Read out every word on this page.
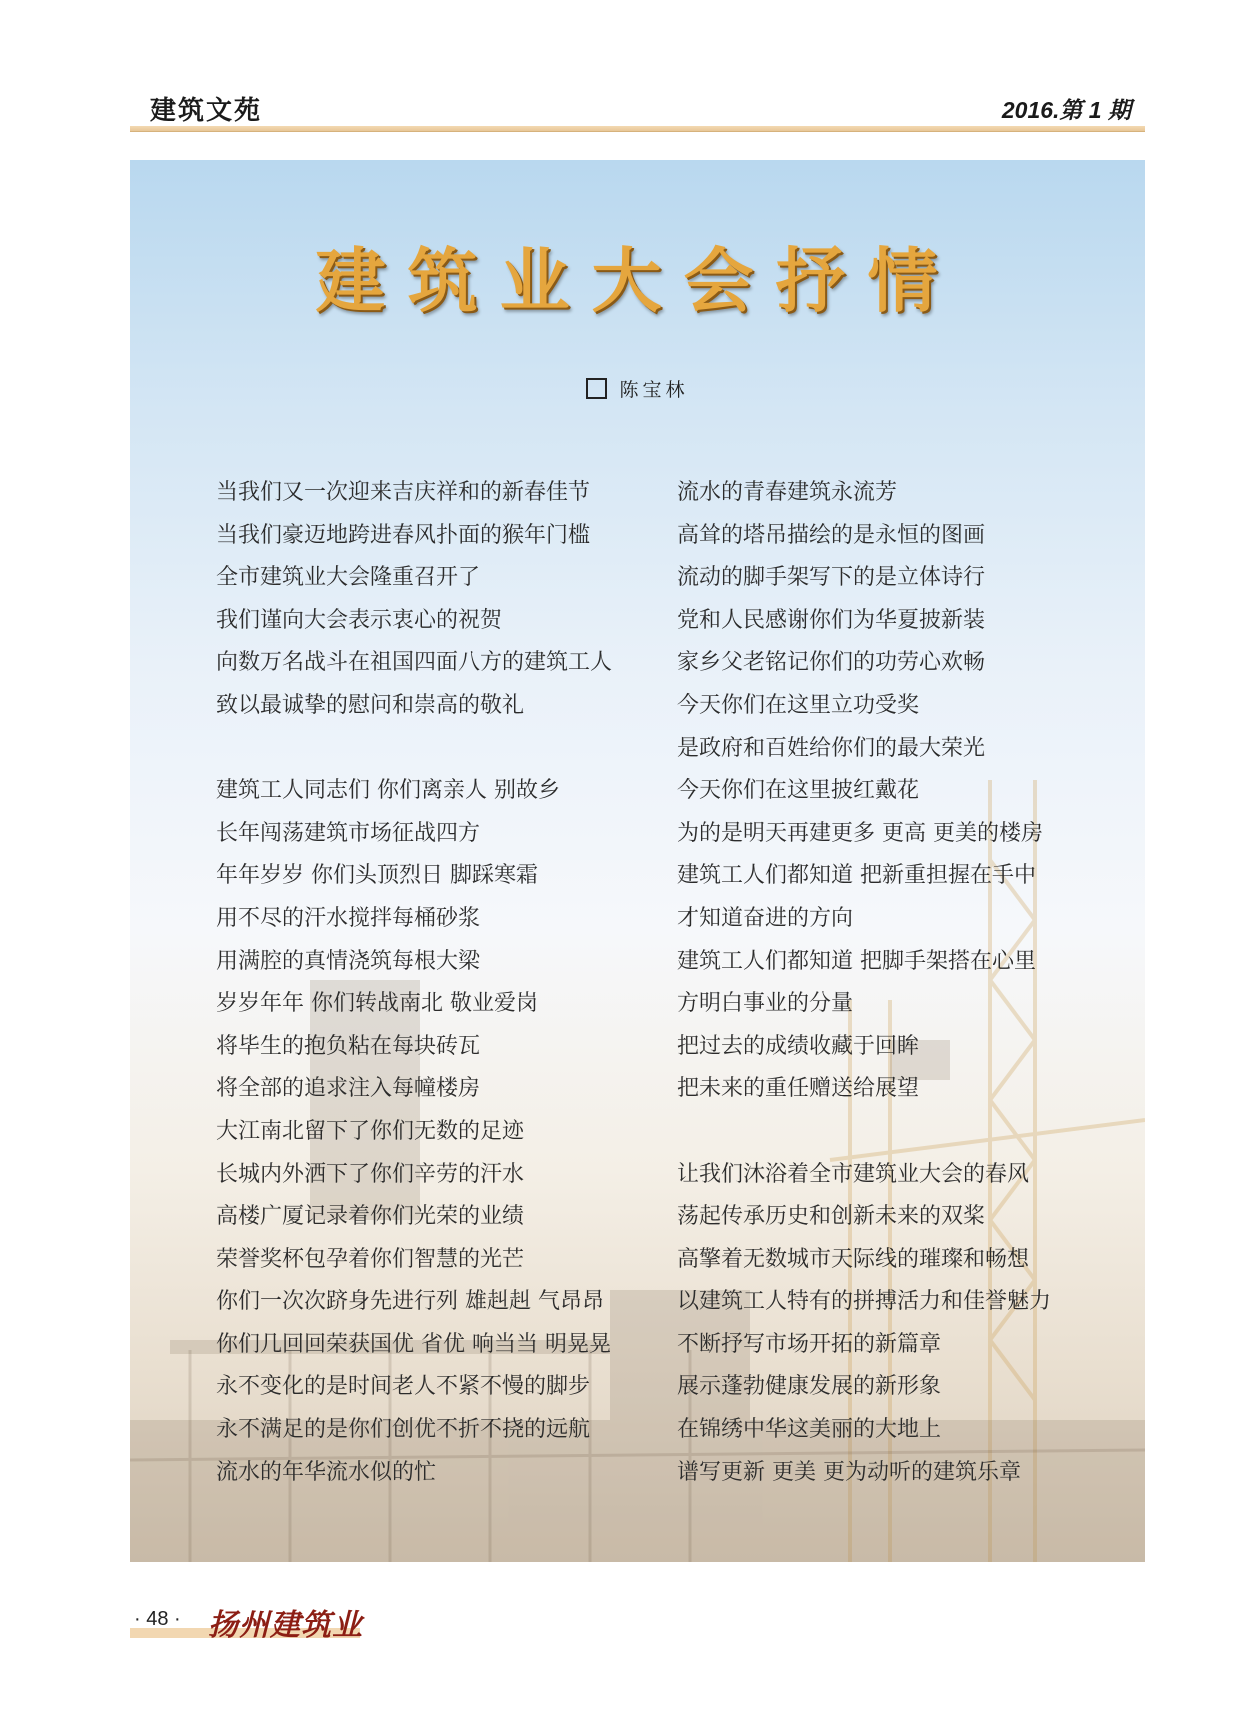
建筑文苑	2016.第 1 期
建筑业大会抒情
陈宝林
当我们又一次迎来吉庆祥和的新春佳节
当我们豪迈地跨进春风扑面的猴年门槛
全市建筑业大会隆重召开了
我们谨向大会表示衷心的祝贺
向数万名战斗在祖国四面八方的建筑工人
致以最诚挚的慰问和崇高的敬礼
建筑工人同志们 你们离亲人 别故乡
长年闯荡建筑市场征战四方
年年岁岁 你们头顶烈日 脚踩寒霜
用不尽的汗水搅拌每桶砂浆
用满腔的真情浇筑每根大梁
岁岁年年 你们转战南北 敬业爱岗
将毕生的抱负粘在每块砖瓦
将全部的追求注入每幢楼房
大江南北留下了你们无数的足迹
长城内外洒下了你们辛劳的汗水
高楼广厦记录着你们光荣的业绩
荣誉奖杯包孕着你们智慧的光芒
你们一次次跻身先进行列 雄赳赳 气昂昂
你们几回回荣获国优 省优 响当当 明晃晃
永不变化的是时间老人不紧不慢的脚步
永不满足的是你们创优不折不挠的远航
流水的年华流水似的忙
流水的青春建筑永流芳
高耸的塔吊描绘的是永恒的图画
流动的脚手架写下的是立体诗行
党和人民感谢你们为华夏披新装
家乡父老铭记你们的功劳心欢畅
今天你们在这里立功受奖
是政府和百姓给你们的最大荣光
今天你们在这里披红戴花
为的是明天再建更多 更高 更美的楼房
建筑工人们都知道 把新重担握在手中
才知道奋进的方向
建筑工人们都知道 把脚手架搭在心里
方明白事业的分量
把过去的成绩收藏于回眸
把未来的重任赠送给展望
让我们沐浴着全市建筑业大会的春风
荡起传承历史和创新未来的双桨
高擎着无数城市天际线的璀璨和畅想
以建筑工人特有的拼搏活力和佳誉魅力
不断抒写市场开拓的新篇章
展示蓬勃健康发展的新形象
在锦绣中华这美丽的大地上
谱写更新 更美 更为动听的建筑乐章
· 48 · 扬州建筑业
